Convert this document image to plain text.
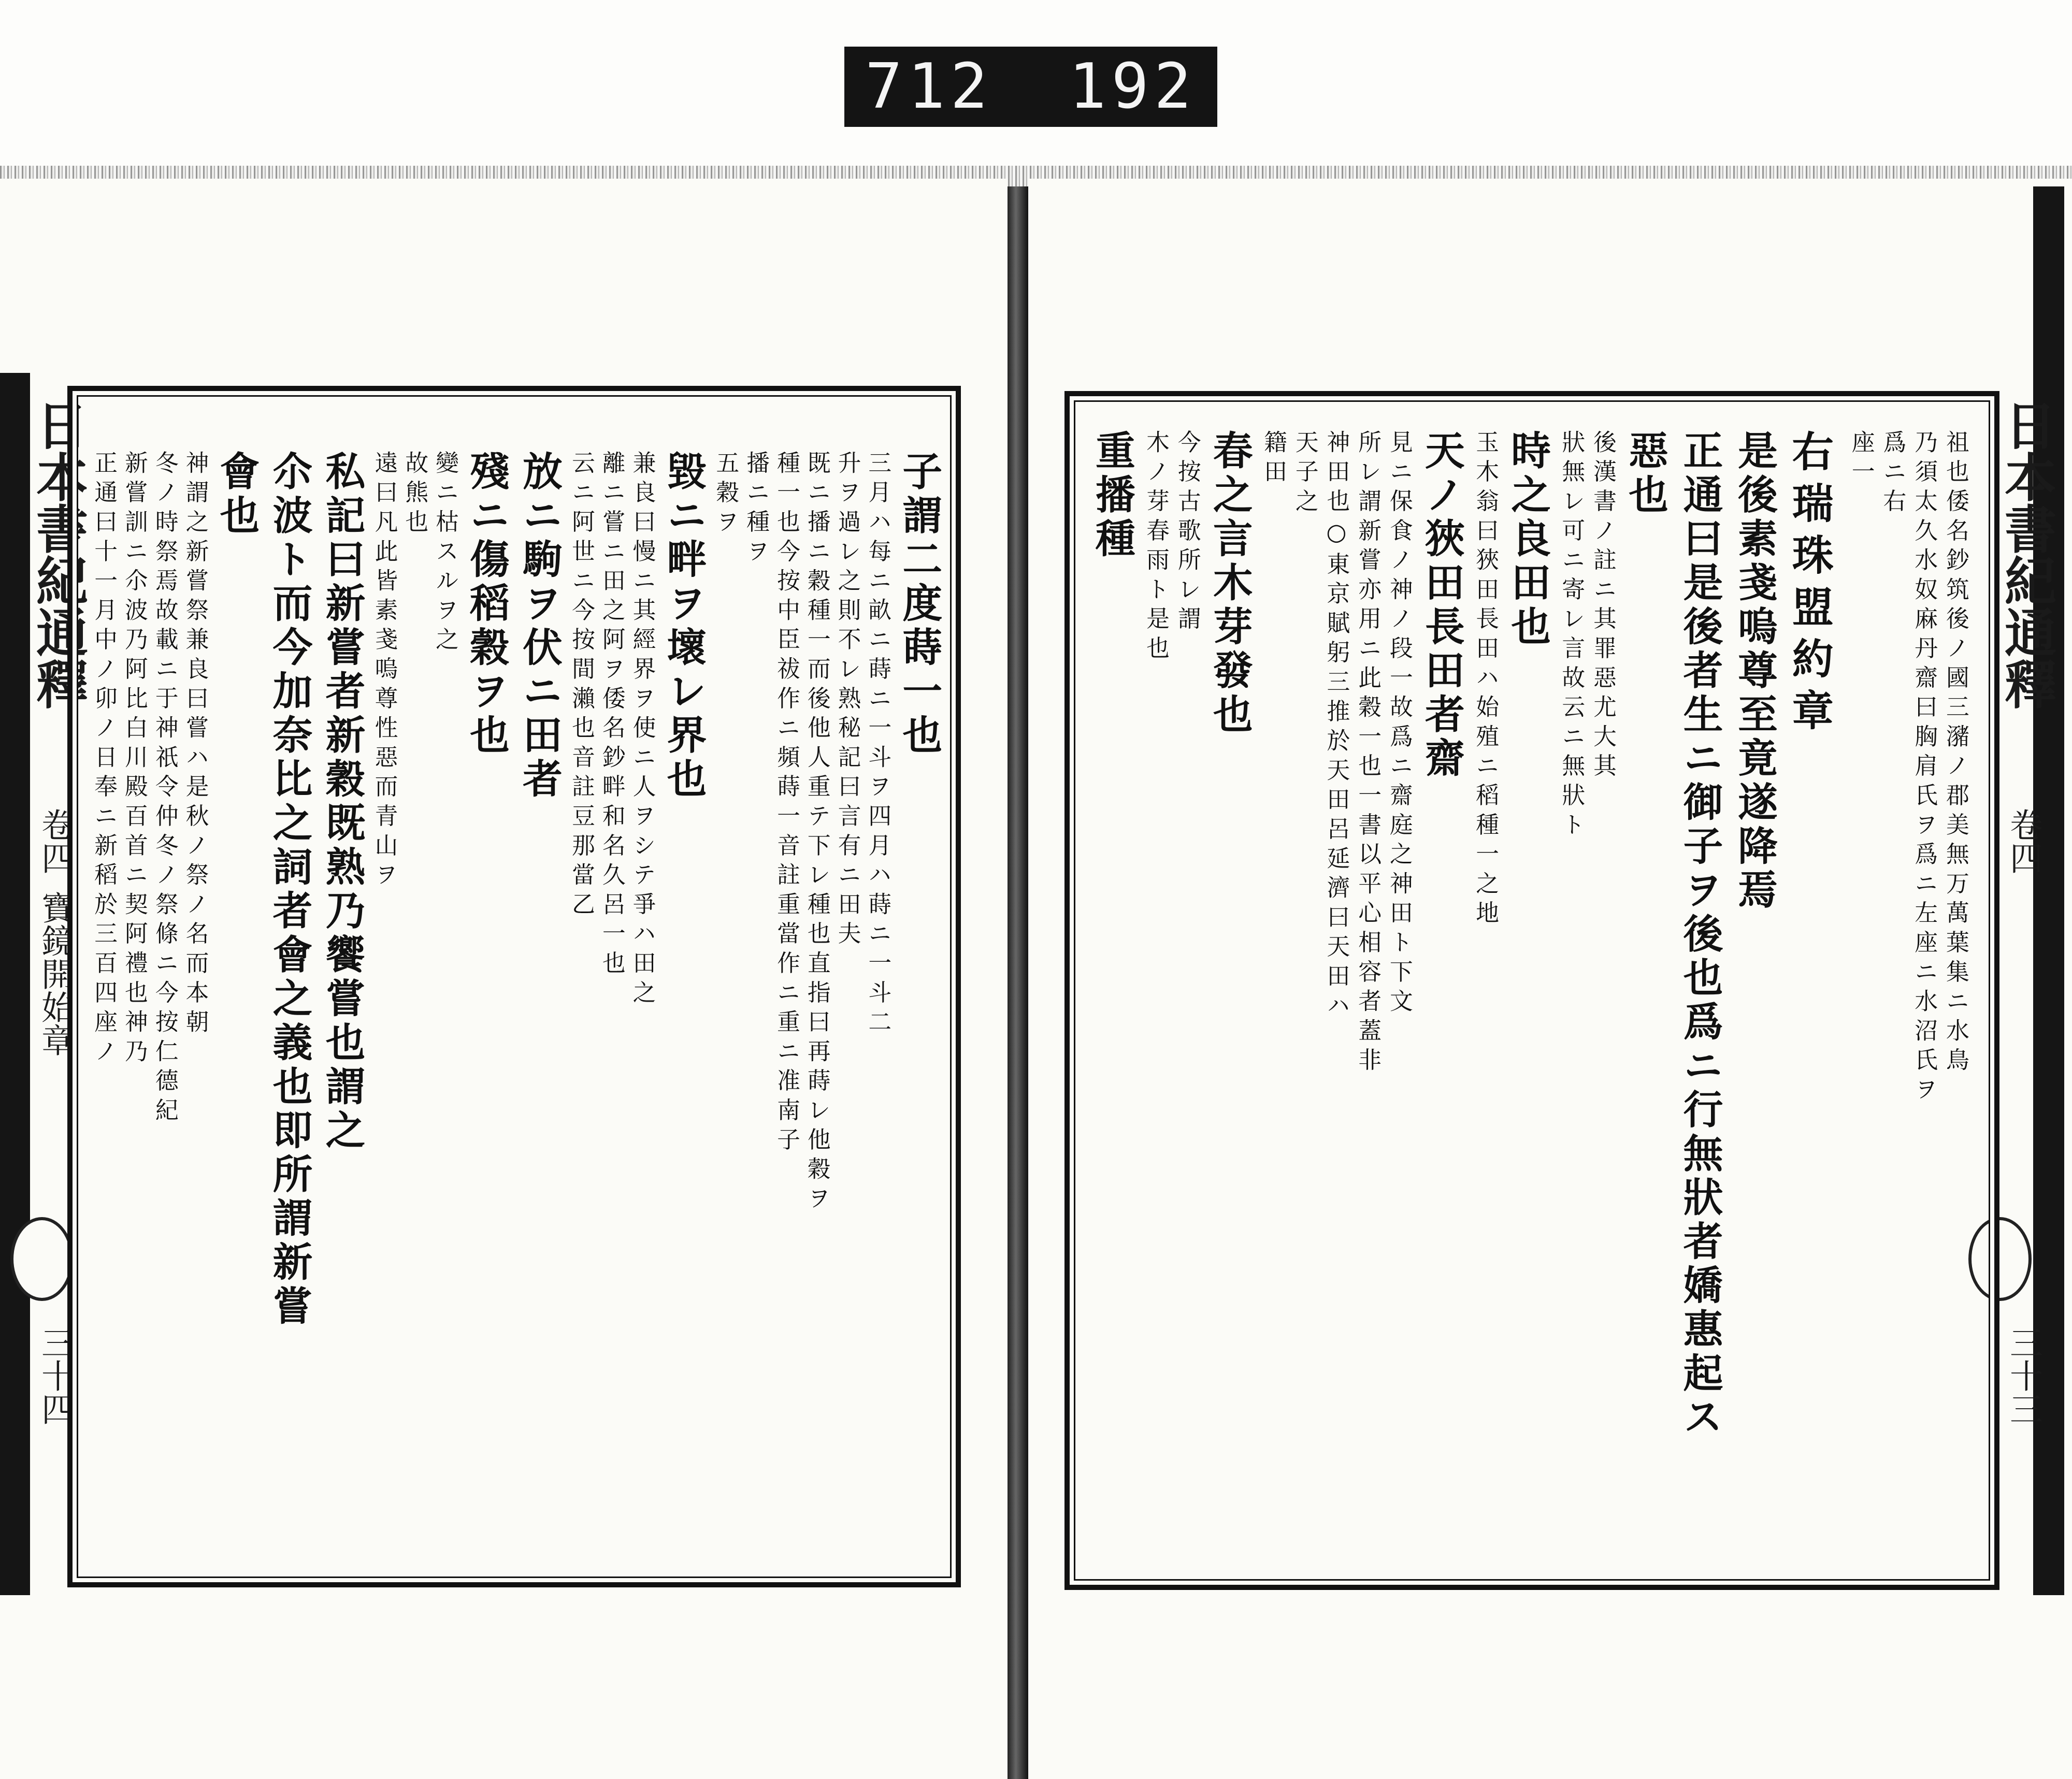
712 192
日本書紀通釋
卷四
寶鏡開始章
三十四
日本書紀通釋
卷四
三十三
子謂二度蒔一也
三月ハ每ニ畝ニ蒔ニ一斗ヲ四月ハ蒔ニ一斗二
升ヲ過レ之則不レ熟秘記曰言有ニ田夫
既ニ播ニ穀種一而後他人重テ下レ種也直指曰再蒔レ他穀ヲ
種一也今按中臣祓作ニ頻蒔一音註重當作ニ重ニ准南子
播ニ種ヲ
五穀ヲ
毀ニ畔ヲ壞レ界也
兼良曰慢ニ其經界ヲ使ニ人ヲシテ爭ハ田之
離ニ嘗ニ田之阿ヲ倭名鈔畔和名久呂一也
云ニ阿世ニ今按間瀨也音註豆那當乙
放ニ駒ヲ伏ニ田者
殘ニ傷稻穀ヲ也
變ニ枯スルヲ之
故熊也
遠曰凡此皆素戔嗚尊性惡而青山ヲ
私記曰新嘗者新穀既熟乃饗嘗也謂之
尒波ト而今加奈比之詞者會之義也即所謂新嘗
會也
神謂之新嘗祭兼良曰嘗ハ是秋ノ祭ノ名而本朝
冬ノ時祭焉故載ニ于神祇令仲冬ノ祭條ニ今按仁德紀
新嘗訓ニ尒波乃阿比白川殿百首ニ契阿禮也神乃
正通曰十一月中ノ卯ノ日奉ニ新稻於三百四座ノ	祖也倭名鈔筑後ノ國三瀦ノ郡美無万萬葉集ニ水鳥
乃須太久水奴麻丹齋曰胸肩氏ヲ爲ニ左座ニ水沼氏ヲ
爲ニ右
座一
右瑞珠盟約章
是後素戔嗚尊至竟遂降焉
正通曰是後者生ニ御子ヲ後也爲ニ行無狀者嬌惠起ス
惡也
後漢書ノ註ニ其罪惡尤大其
狀無レ可ニ寄レ言故云ニ無狀ト
時之良田也
玉木翁曰狹田長田ハ始殖ニ稻種一之地
天ノ狹田長田者齋
見ニ保食ノ神ノ段一故爲ニ齋庭之神田ト下文
所レ謂新嘗亦用ニ此穀一也一書以平心相容者蓋非
神田也○東京賦躬三推於天田呂延濟曰天田ハ
天子之
籍田
春之言木芽發也
今按古歌所レ謂
木ノ芽春雨ト是也
重播種
